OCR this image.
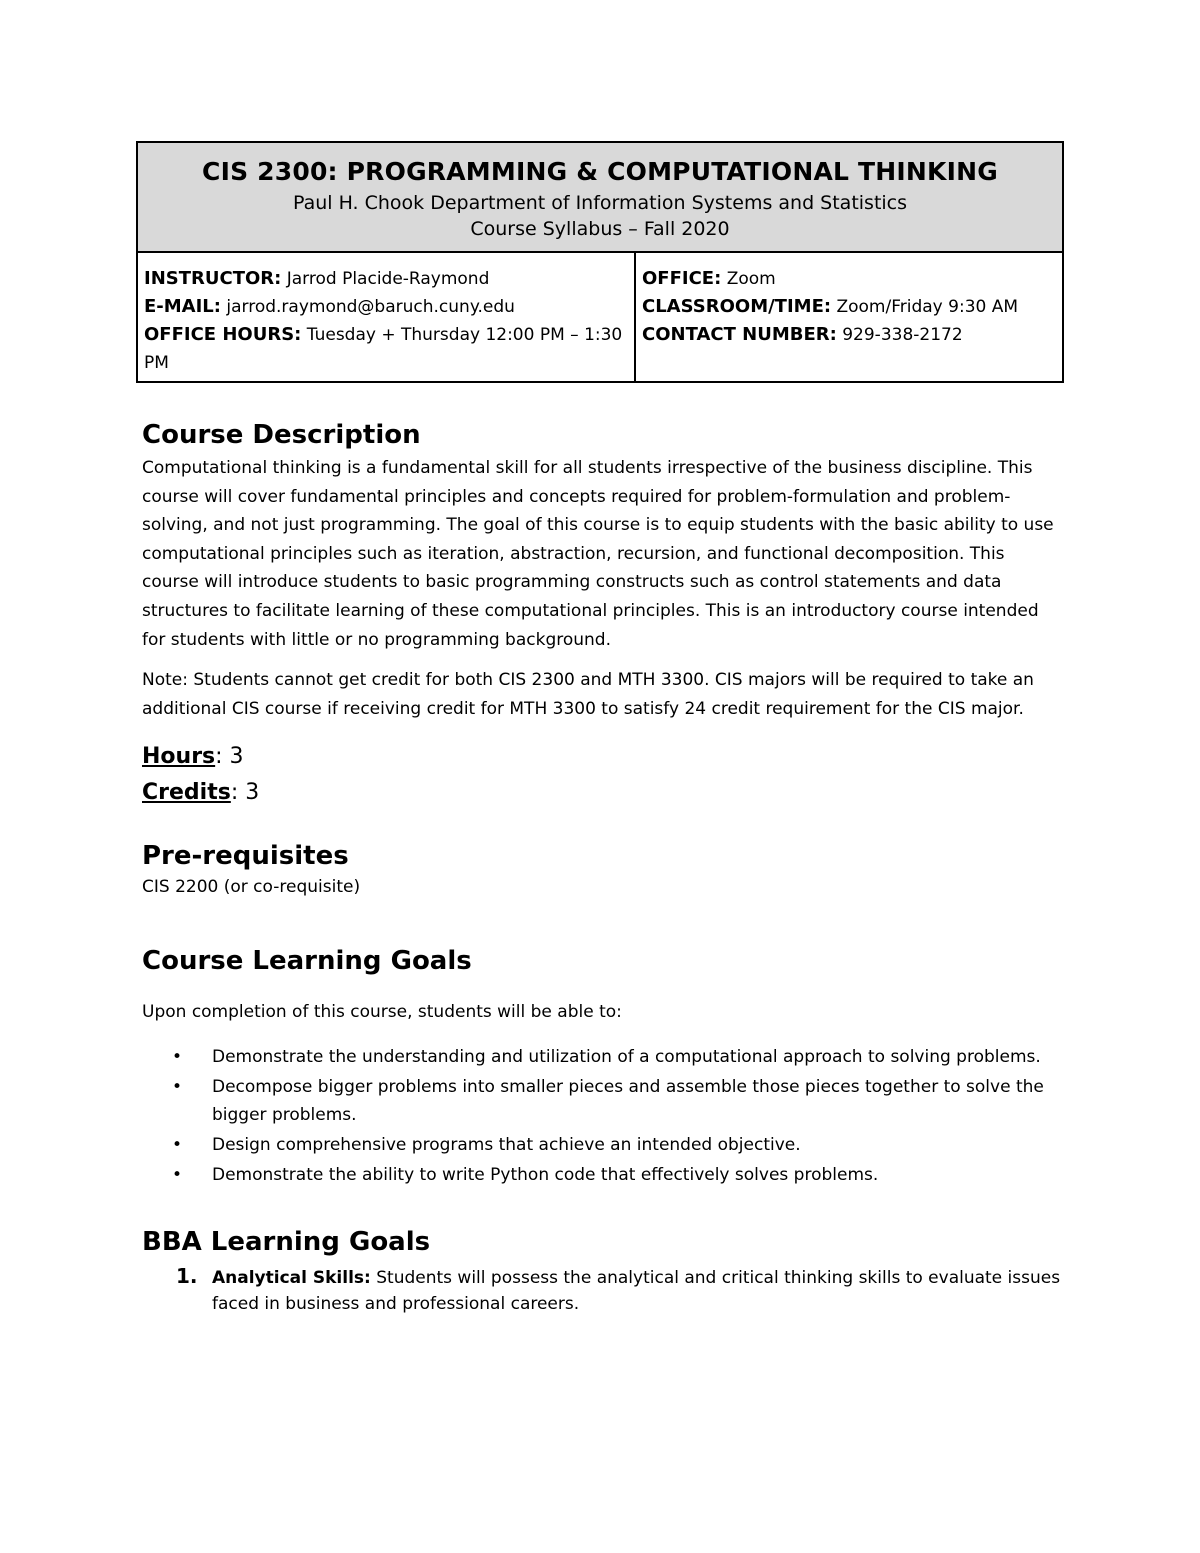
CIS 2300: PROGRAMMING & COMPUTATIONAL THINKING
Paul H. Chook Department of Information Systems and Statistics
Course Syllabus – Fall 2020
INSTRUCTOR: Jarrod Placide-Raymond
E-MAIL: jarrod.raymond@baruch.cuny.edu
OFFICE HOURS: Tuesday + Thursday 12:00 PM – 1:30 PM
OFFICE: Zoom
CLASSROOM/TIME: Zoom/Friday 9:30 AM
CONTACT NUMBER: 929-338-2172
Course Description

Computational thinking is a fundamental skill for all students irrespective of the business discipline. This course will cover fundamental principles and concepts required for problem-formulation and problem-solving, and not just programming. The goal of this course is to equip students with the basic ability to use computational principles such as iteration, abstraction, recursion, and functional decomposition. This course will introduce students to basic programming constructs such as control statements and data structures to facilitate learning of these computational principles. This is an introductory course intended for students with little or no programming background.

Note: Students cannot get credit for both CIS 2300 and MTH 3300. CIS majors will be required to take an additional CIS course if receiving credit for MTH 3300 to satisfy 24 credit requirement for the CIS major.

Hours: 3
Credits: 3
Pre-requisites

CIS 2200 (or co-requisite)

Course Learning Goals

Upon completion of this course, students will be able to:

• Demonstrate the understanding and utilization of a computational approach to solving problems.
• Decompose bigger problems into smaller pieces and assemble those pieces together to solve the bigger problems.
• Design comprehensive programs that achieve an intended objective.
• Demonstrate the ability to write Python code that effectively solves problems.
BBA Learning Goals
1. Analytical Skills: Students will possess the analytical and critical thinking skills to evaluate issues faced in business and professional careers.
